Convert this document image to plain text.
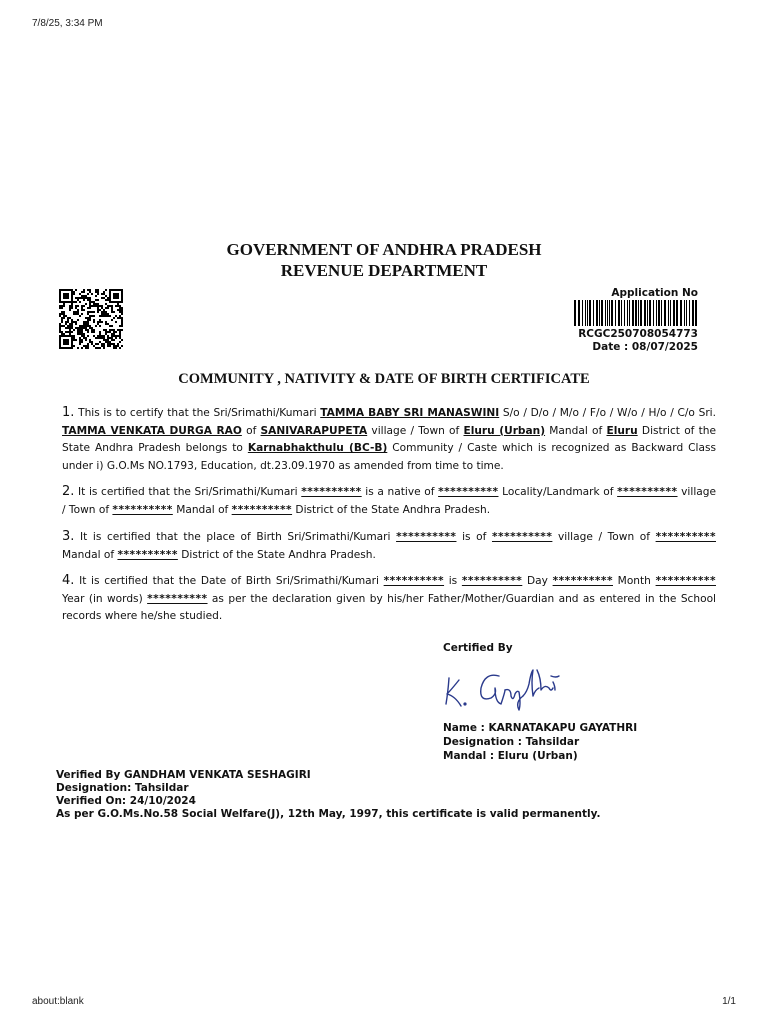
7/8/25, 3:34 PM
GOVERNMENT OF ANDHRA PRADESH
REVENUE DEPARTMENT
Application No
RCGC250708054773
Date : 08/07/2025
COMMUNITY , NATIVITY & DATE OF BIRTH CERTIFICATE
1. This is to certify that the Sri/Srimathi/Kumari TAMMA BABY SRI MANASWINI S/o / D/o / M/o / F/o / W/o / H/o / C/o Sri. TAMMA VENKATA DURGA RAO of SANIVARAPUPETA village / Town of Eluru (Urban) Mandal of Eluru District of the State Andhra Pradesh belongs to Karnabhakthulu (BC-B) Community / Caste which is recognized as Backward Class under i) G.O.Ms NO.1793, Education, dt.23.09.1970 as amended from time to time.
2. It is certified that the Sri/Srimathi/Kumari ********** is a native of ********** Locality/Landmark of ********** village / Town of ********** Mandal of ********** District of the State Andhra Pradesh.
3. It is certified that the place of Birth Sri/Srimathi/Kumari ********** is of ********** village / Town of ********** Mandal of ********** District of the State Andhra Pradesh.
4. It is certified that the Date of Birth Sri/Srimathi/Kumari ********** is ********** Day ********** Month ********** Year (in words) ********** as per the declaration given by his/her Father/Mother/Guardian and as entered in the School records where he/she studied.
Certified By
Name : KARNATAKAPU GAYATHRI
Designation : Tahsildar
Mandal : Eluru (Urban)
Verified By GANDHAM VENKATA SESHAGIRI
Designation: Tahsildar
Verified On: 24/10/2024
As per G.O.Ms.No.58 Social Welfare(J), 12th May, 1997, this certificate is valid permanently.
about:blank	1/1
